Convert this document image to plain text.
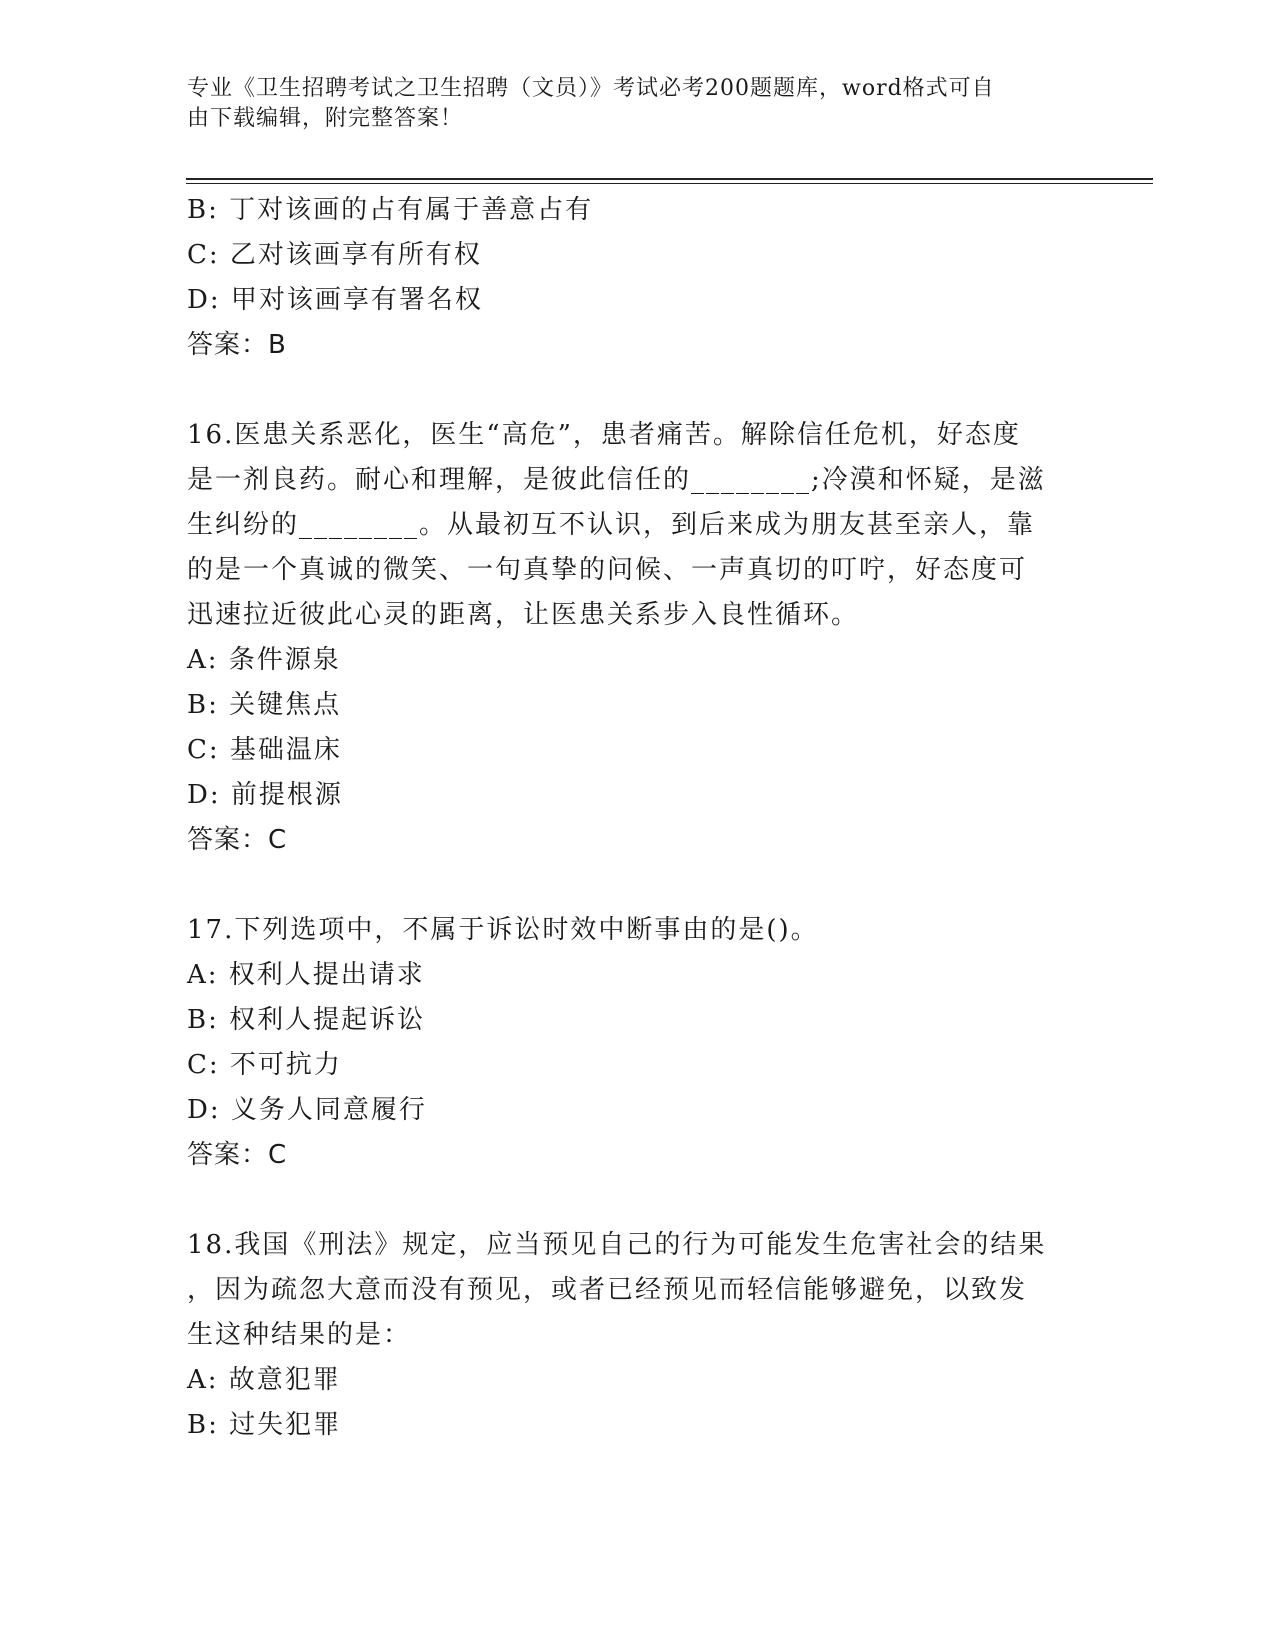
专业《卫生招聘考试之卫生招聘（文员）》考试必考200题题库，word格式可自
由下载编辑，附完整答案！
B: 丁对该画的占有属于善意占有
C: 乙对该画享有所有权
D: 甲对该画享有署名权
答案：B
16.医患关系恶化，医生“高危”，患者痛苦。解除信任危机，好态度
是一剂良药。耐心和理解，是彼此信任的________;冷漠和怀疑，是滋
生纠纷的________。从最初互不认识，到后来成为朋友甚至亲人，靠
的是一个真诚的微笑、一句真挚的问候、一声真切的叮咛，好态度可
迅速拉近彼此心灵的距离，让医患关系步入良性循环。
A: 条件源泉
B: 关键焦点
C: 基础温床
D: 前提根源
答案：C
17.下列选项中，不属于诉讼时效中断事由的是()。
A: 权利人提出请求
B: 权利人提起诉讼
C: 不可抗力
D: 义务人同意履行
答案：C
18.我国《刑法》规定，应当预见自己的行为可能发生危害社会的结果
，因为疏忽大意而没有预见，或者已经预见而轻信能够避免，以致发
生这种结果的是：
A: 故意犯罪
B: 过失犯罪
